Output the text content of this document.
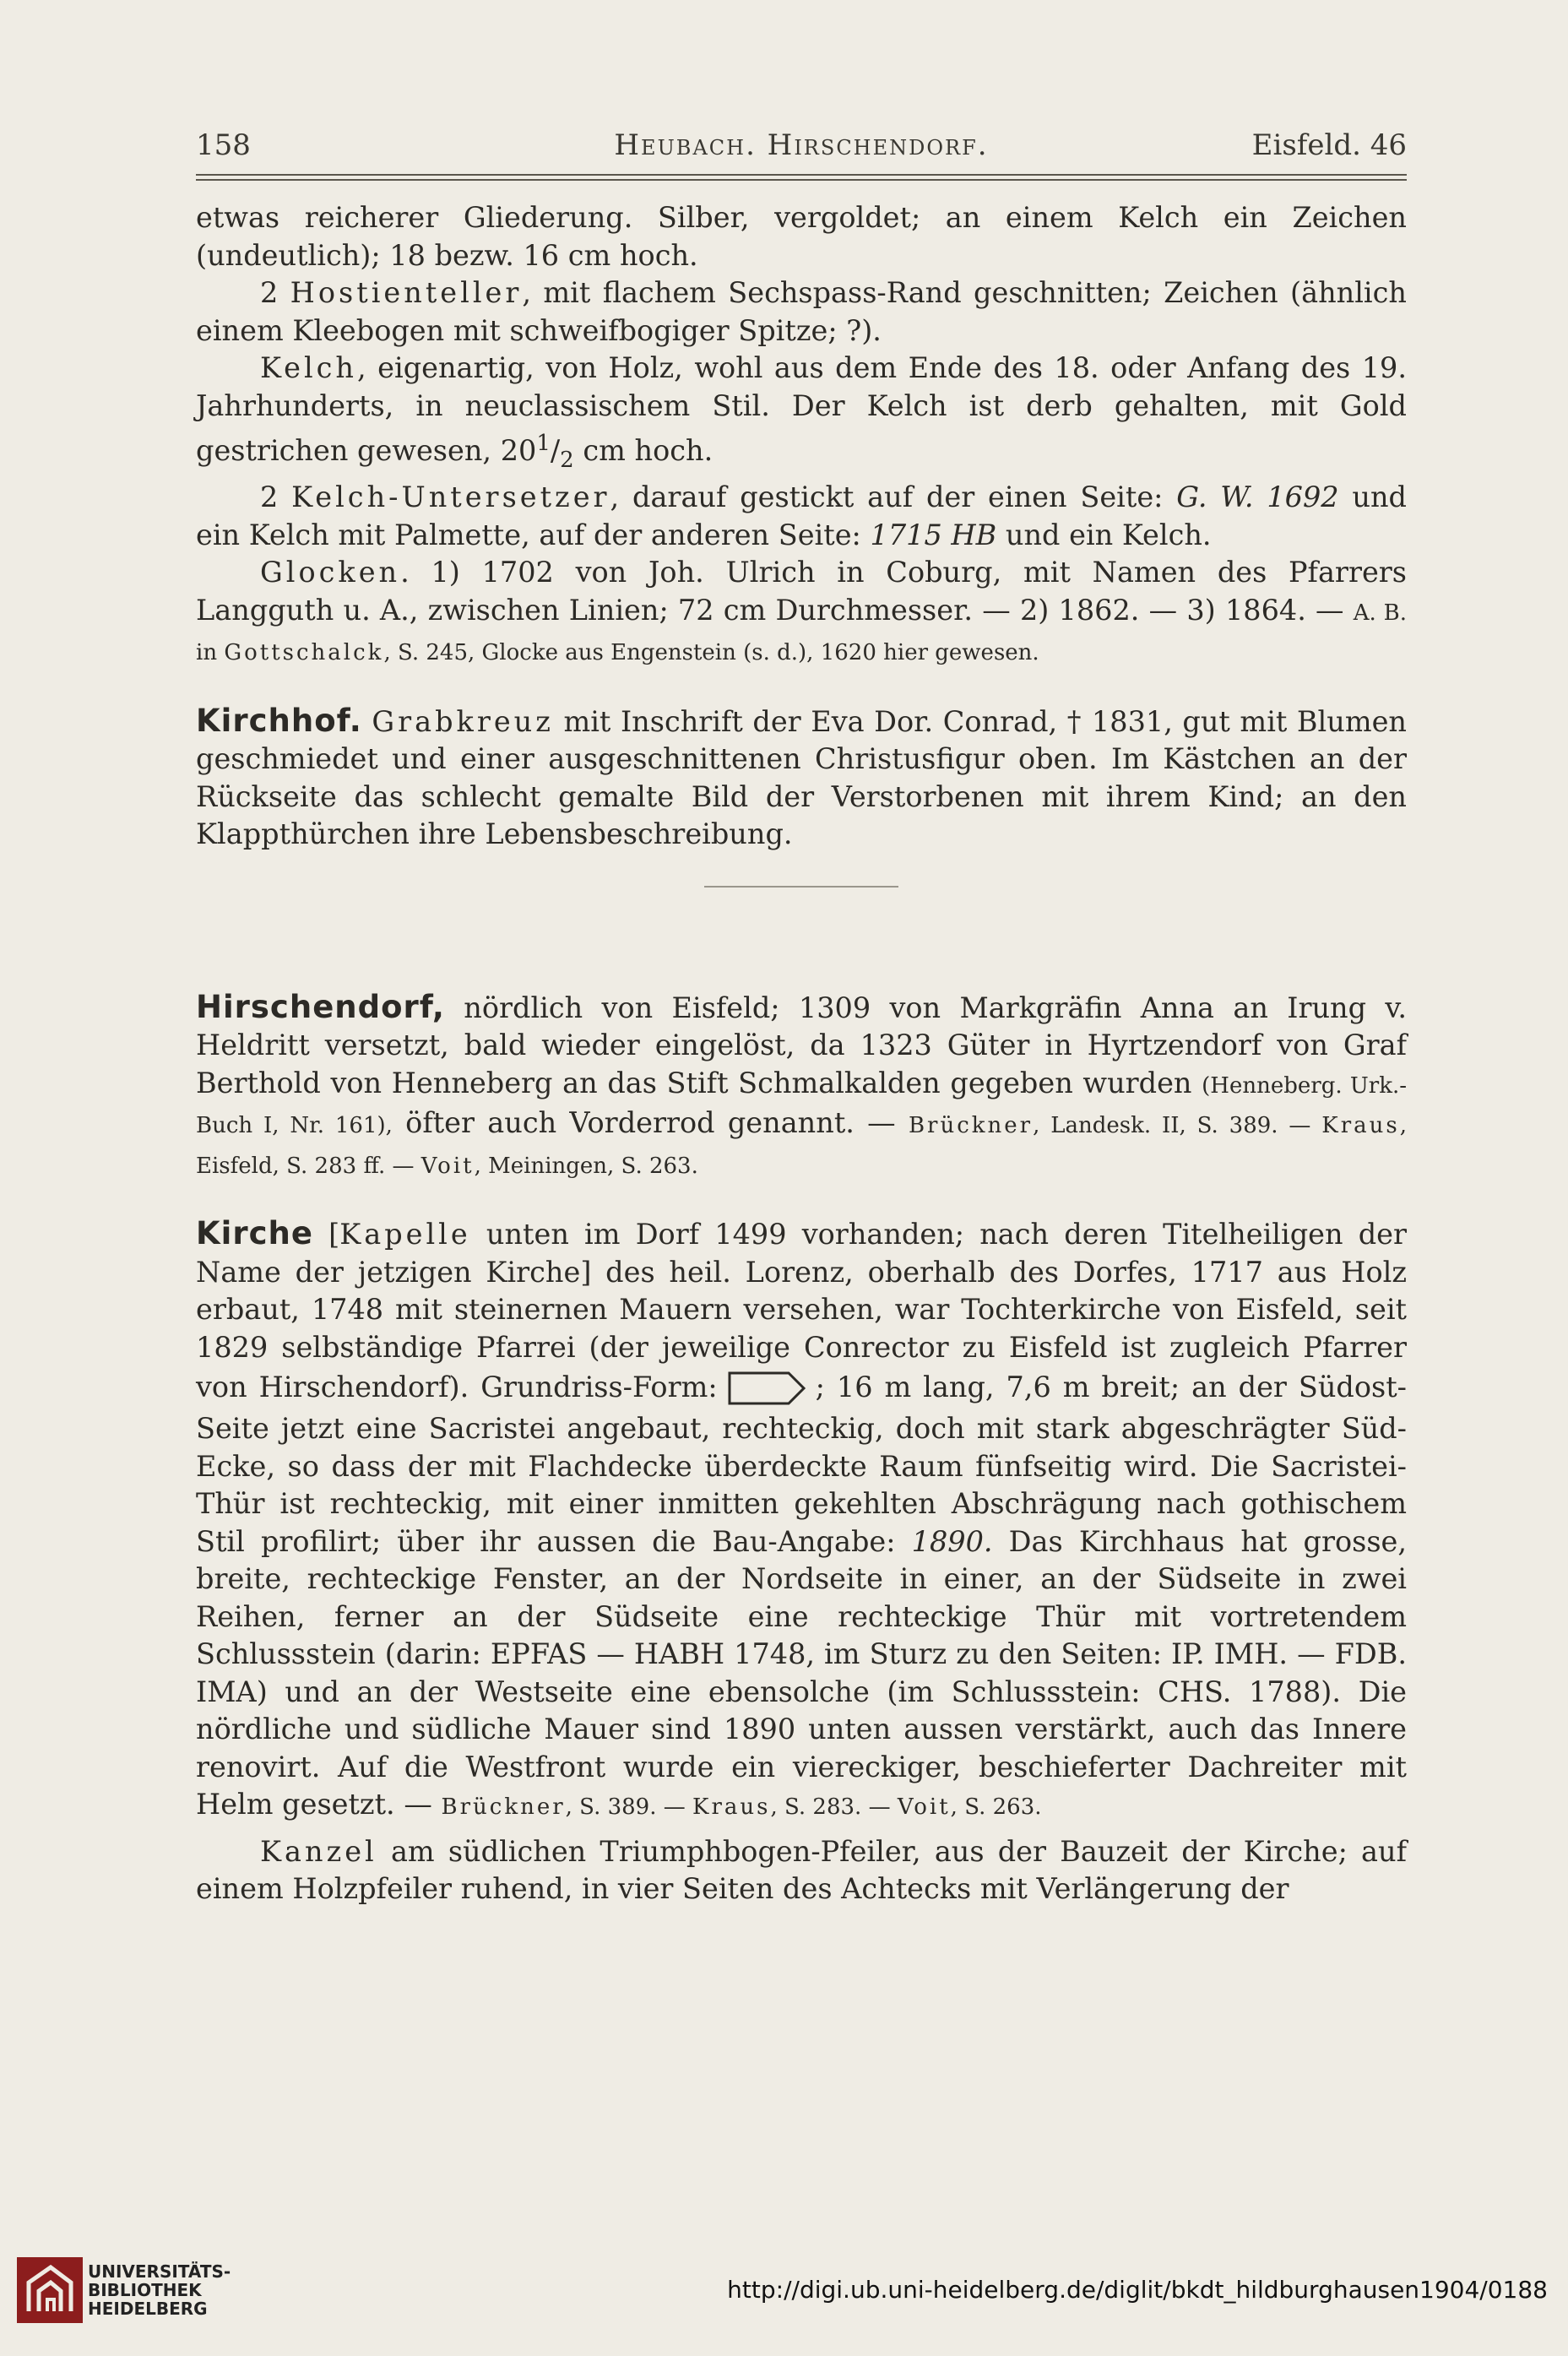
158	Heubach. Hirschendorf.	Eisfeld. 46

etwas reicherer Gliederung. Silber, vergoldet; an einem Kelch ein Zeichen (undeutlich); 18 bezw. 16 cm hoch.

2 Hostienteller, mit flachem Sechspass-Rand geschnitten; Zeichen (ähnlich einem Kleebogen mit schweifbogiger Spitze; ?).

Kelch, eigenartig, von Holz, wohl aus dem Ende des 18. oder Anfang des 19. Jahrhunderts, in neuclassischem Stil. Der Kelch ist derb gehalten, mit Gold gestrichen gewesen, $20^1/_2$ cm hoch.

2 Kelch-Untersetzer, darauf gestickt auf der einen Seite: G. W. 1692 und ein Kelch mit Palmette, auf der anderen Seite: 1715 HB und ein Kelch.

Glocken. 1) 1702 von Joh. Ulrich in Coburg, mit Namen des Pfarrers Langguth u. A., zwischen Linien; 72 cm Durchmesser. — 2) 1862. — 3) 1864. — A. B. in Gottschalck, S. 245, Glocke aus Engenstein (s. d.), 1620 hier gewesen.

Kirchhof. Grabkreuz mit Inschrift der Eva Dor. Conrad, † 1831, gut mit Blumen geschmiedet und einer ausgeschnittenen Christusfigur oben. Im Kästchen an der Rückseite das schlecht gemalte Bild der Verstorbenen mit ihrem Kind; an den Klappthürchen ihre Lebensbeschreibung.

Hirschendorf, nördlich von Eisfeld; 1309 von Markgräfin Anna an Irung v. Heldritt versetzt, bald wieder eingelöst, da 1323 Güter in Hyrtzendorf von Graf Berthold von Henneberg an das Stift Schmalkalden gegeben wurden (Henneberg. Urk.-Buch I, Nr. 161), öfter auch Vorderrod genannt. — Brückner, Landesk. II, S. 389. — Kraus, Eisfeld, S. 283 ff. — Voit, Meiningen, S. 263.

Kirche [Kapelle unten im Dorf 1499 vorhanden; nach deren Titelheiligen der Name der jetzigen Kirche] des heil. Lorenz, oberhalb des Dorfes, 1717 aus Holz erbaut, 1748 mit steinernen Mauern versehen, war Tochterkirche von Eisfeld, seit 1829 selbständige Pfarrei (der jeweilige Conrector zu Eisfeld ist zugleich Pfarrer von Hirschendorf). Grundriss-Form:	; 16 m lang, 7,6 m breit; an der Südost-Seite jetzt eine Sacristei angebaut, rechteckig, doch mit stark abgeschrägter Süd-Ecke, so dass der mit Flachdecke überdeckte Raum fünfseitig wird. Die Sacristei-Thür ist rechteckig, mit einer inmitten gekehlten Abschrägung nach gothischem Stil profilirt; über ihr aussen die Bau-Angabe: 1890. Das Kirchhaus hat grosse, breite, rechteckige Fenster, an der Nordseite in einer, an der Südseite in zwei Reihen, ferner an der Südseite eine rechteckige Thür mit vortretendem Schlussstein (darin: EPFAS — HABH 1748, im Sturz zu den Seiten: IP. IMH. — FDB. IMA) und an der Westseite eine ebensolche (im Schlussstein: CHS. 1788). Die nördliche und südliche Mauer sind 1890 unten aussen verstärkt, auch das Innere renovirt. Auf die Westfront wurde ein viereckiger, beschieferter Dachreiter mit Helm gesetzt. — Brückner, S. 389. — Kraus, S. 283. — Voit, S. 263.

Kanzel am südlichen Triumphbogen-Pfeiler, aus der Bauzeit der Kirche; auf einem Holzpfeiler ruhend, in vier Seiten des Achtecks mit Verlängerung der

UNIVERSITÄTS-
BIBLIOTHEK
HEIDELBERG
http://digi.ub.uni-heidelberg.de/diglit/bkdt_hildburghausen1904/0188
